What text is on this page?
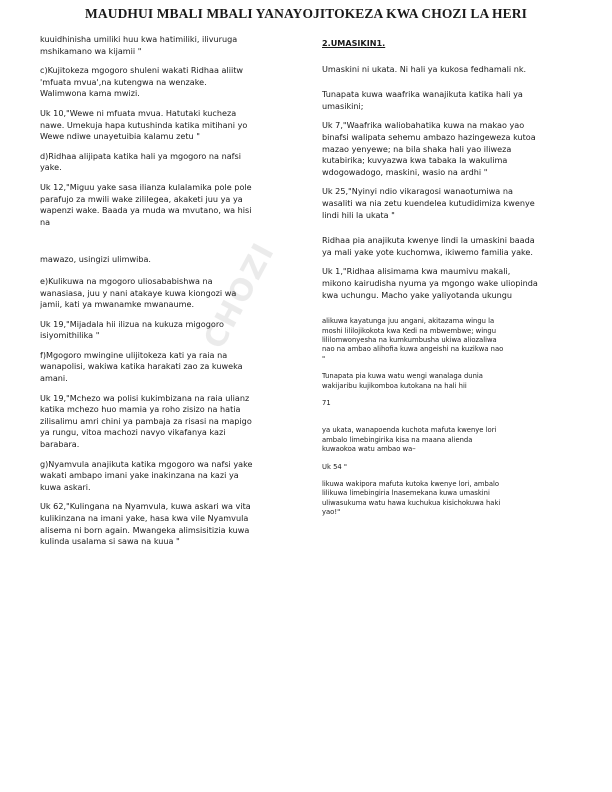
MAUDHUI MBALI MBALI YANAYOJITOKEZA KWA CHOZI LA HERI
CHOZI

kuuidhinisha umiliki huu kwa hatimiliki, ilivuruga
mshikamano wa kijamii "

c)Kujitokeza mgogoro shuleni wakati Ridhaa aliitw
'mfuata mvua',na kutengwa na wenzake.
Walimwona kama mwizi.

Uk 10,"Wewe ni mfuata mvua. Hatutaki kucheza
nawe. Umekuja hapa kutushinda katika mitihani yo
Wewe ndiwe unayetuibia kalamu zetu "

d)Ridhaa alijipata katika hali ya mgogoro na nafsi
yake.

Uk 12,"Miguu yake sasa ilianza kulalamika pole pole
parafujo za mwili wake zililegea, akaketi juu ya ya
wapenzi wake. Baada ya muda wa mvutano, wa hisi
na

mawazo, usingizi ulimwiba.

e)Kulikuwa na mgogoro uliosababishwa na
wanasiasa, juu y nani atakaye kuwa kiongozi wa
jamii, kati ya mwanamke mwanaume.

Uk 19,"Mijadala hii ilizua na kukuza migogoro
isiyomithilika "

f)Mgogoro mwingine ulijitokeza kati ya raia na
wanapolisi, wakiwa katika harakati zao za kuweka
amani.

Uk 19,"Mchezo wa polisi kukimbizana na raia ulianz
katika mchezo huo mamia ya roho zisizo na hatia
zilisalimu amri chini ya pambaja za risasi na mapigo
ya rungu, vitoa machozi navyo vikafanya kazi
barabara.

g)Nyamvula anajikuta katika mgogoro wa nafsi yake
wakati ambapo imani yake inakinzana na kazi ya
kuwa askari.

Uk 62,"Kulingana na Nyamvula, kuwa askari wa vita
kulikinzana na imani yake, hasa kwa vile Nyamvula
alisema ni born again. Mwangeka alimsisitizia kuwa
kulinda usalama si sawa na kuua "

2.UMASIKIN1.

Umaskini ni ukata. Ni hali ya kukosa fedhamali nk.

Tunapata kuwa waafrika wanajikuta katika hali ya
umasikini;

Uk 7,"Waafrika waliobahatika kuwa na makao yao
binafsi walipata sehemu ambazo hazingeweza kutoa
mazao yenyewe; na bila shaka hali yao iliweza
kutabirika; kuvyazwa kwa tabaka la wakulima
wdogowadogo, maskini, wasio na ardhi "

Uk 25,"Nyinyi ndio vikaragosi wanaotumiwa na
wasaliti wa nia zetu kuendelea kutudidimiza kwenye
lindi hili la ukata "

Ridhaa pia anajikuta kwenye lindi la umaskini baada
ya mali yake yote kuchomwa, ikiwemo familia yake.

Uk 1,"Ridhaa alisimama kwa maumivu makali,
mikono kairudisha nyuma ya mgongo wake uliopinda
kwa uchungu. Macho yake yaliyotanda ukungu

alikuwa kayatunga juu angani, akitazama wingu la
moshi lililojikokota kwa Kedi na mbwembwe; wingu
lililomwonyesha na kumkumbusha ukiwa aliozaliwa
nao na ambao alihofia kuwa angeishi na kuzikwa nao
"

Tunapata pia kuwa watu wengi wanalaga dunia
wakijaribu kujikomboa kutokana na hali hii

71

ya ukata, wanapoenda kuchota mafuta kwenye lori
ambalo limebingirika kisa na maana aliendа
kuwaokoa watu ambao wa–

Uk 54 "

likuwa wakipora mafuta kutoka kwenye lori, ambalo
lilikuwa limebingiria lnasemekana kuwa umaskini
uliwasukuma watu hawa kuchukua kisichokuwa haki
yao!"
